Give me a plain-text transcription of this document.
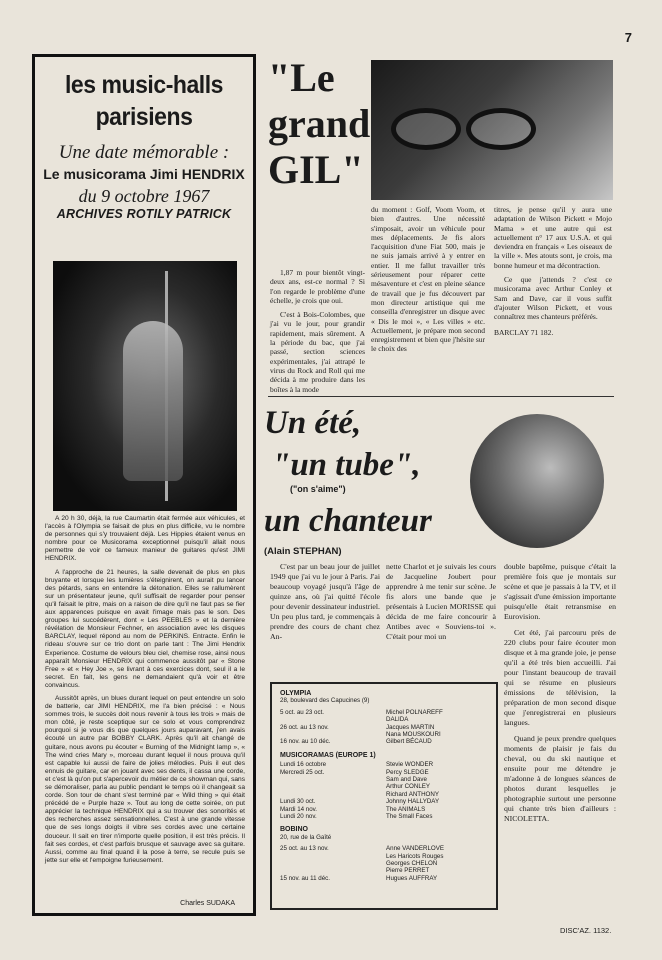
7
les music-halls
parisiens
Une date mémorable :
Le musicorama Jimi HENDRIX
du 9 octobre 1967
ARCHIVES ROTILY PATRICK

A 20 h 30, déjà, la rue Caumartin était fermée aux véhicules, et l'accès à l'Olympia se faisait de plus en plus difficile, vu le nombre de personnes qui s'y trouvaient déjà. Les Hippies étaient venus en nombre pour ce Musicorama exceptionnel puisqu'il allait nous permettre de voir ce fameux manieur de guitares qu'est JIMI HENDRIX.

A l'approche de 21 heures, la salle devenait de plus en plus bruyante et lorsque les lumières s'éteignirent, on aurait pu lancer des pétards, sans en entendre la détonation. Elles se rallumèrent sur un présentateur jeune, qu'il suffisait de regarder pour penser qu'il faisait le pitre, mais on a raison de dire qu'il ne faut pas se fier aux apparences puisque en avait l'image mais pas le son. Des groupes lui succédèrent, dont « Les PEEBLES » et la dernière révélation de Monsieur Fechner, en association avec les disques BARCLAY, lequel répond au nom de PERKINS. Entracte. Enfin le rideau s'ouvre sur ce trio dont on parle tant : The Jimi Hendrix Experience. Costume de velours bleu ciel, chemise rose, ainsi nous apparaît Monsieur HENDRIX qui commence aussitôt par « Stone Free » et « Hey Joe », se livrant à ces exercices dont, seul il a le secret. En fait, les gens ne demandaient qu'à voir et être convaincus.

Aussitôt après, un blues durant lequel on peut entendre un solo de batterie, car JIMI HENDRIX, me l'a bien précisé : « Nous sommes trois, le succès doit nous revenir à tous les trois » mais de mon côté, je reste sceptique sur ce solo et vous comprendrez pourquoi si je vous dis que quelques jours auparavant, j'en avais écouté un autre par BOBBY CLARK. Après qu'il ait changé de guitare, nous avons pu écouter « Burning of the Midnight lamp », « The wind cries Mary », morceau durant lequel il nous prouva qu'il est capable lui aussi de faire de jolies mélodies. Puis il eut des ennuis de guitare, car en jouant avec ses dents, il cassa une corde, et c'est là qu'on put s'apercevoir du métier de ce showman qui, sans se démoraliser, parla au public pendant le temps où il changeait sa corde. Son tour de chant s'est terminé par « Wild thing » qui était précédé de « Purple haze ». Tout au long de cette soirée, on put apprécier la technique HENDRIX qui a su trouver des sonorités et des recherches assez sensationnelles. C'est à une grande vitesse que de ses longs doigts il vibre ses cordes avec une certaine douceur. Il sait en tirer n'importe quelle position, il est très précis. Il fait ses cordes, et c'est parfois brusque et sauvage avec sa guitare. Aussi, comme au final quand il la pose à terre, se recule puis se jette sur elle et l'empoigne furieusement.

Charles SUDAKA
"Le
grand
GIL"

1,87 m pour bientôt vingt-deux ans, est-ce normal ? Si l'on regarde le problème d'une échelle, je crois que oui.

C'est à Bois-Colombes, que j'ai vu le jour, pour grandir rapidement, mais sûrement. A la période du bac, que j'ai passé, section sciences expérimentales, j'ai attrapé le virus du Rock and Roll qui me décida à me produire dans les boîtes à la mode

du moment : Golf, Voom Voom, et bien d'autres. Une nécessité s'imposait, avoir un véhicule pour mes déplacements. Je fis alors l'acquisition d'une Fiat 500, mais je ne suis jamais arrivé à y entrer en entier. Il me fallut travailler très sérieusement pour réparer cette mésaventure et c'est en pleine séance de travail que je fus découvert par mon directeur artistique qui me conseilla d'enregistrer un disque avec « Dis le moi », « Les villes » etc. Actuellement, je prépare mon second enregistrement et bien que j'hésite sur le choix des

titres, je pense qu'il y aura une adaptation de Wilson Pickett « Mojo Mama » et une autre qui est actuellement n° 17 aux U.S.A. et qui deviendra en français « Les oiseaux de la ville ». Mes atouts sont, je crois, ma bonne humeur et ma décontraction.

Ce que j'attends ? c'est ce musicorama avec Arthur Conley et Sam and Dave, car il vous suffit d'ajouter Wilson Pickett, et vous connaîtrez mes chanteurs préférés.

BARCLAY 71 182.

Un été,
"un tube",
("on s'aime")
un chanteur
(Alain STEPHAN)

C'est par un beau jour de juillet 1949 que j'ai vu le jour à Paris. J'ai beaucoup voyagé jusqu'à l'âge de quinze ans, où j'ai quitté l'école pour devenir dessinateur industriel. Un peu plus tard, je commençais à prendre des cours de chant chez An-

nette Charlot et je suivais les cours de Jacqueline Joubert pour apprendre à me tenir sur scène. Je fis alors une bande que je présentais à Lucien MORISSE qui décida de me faire concourir à Antibes avec « Souviens-toi ». C'était pour moi un

double baptême, puisque c'était la première fois que je montais sur scène et que je passais à la TV, et il s'agissait d'une émission importante puisqu'elle était retransmise en Eurovision.

Cet été, j'ai parcouru près de 220 clubs pour faire écouter mon disque et à ma grande joie, je pense qu'il a été très bien accueilli. J'ai pour l'instant beaucoup de travail qui se résume en plusieurs émissions de télévision, la préparation de mon second disque que j'enregistrerai en plusieurs langues.

Quand je peux prendre quelques moments de plaisir je fais du cheval, ou du ski nautique et ensuite pour me détendre je m'adonne à de longues séances de photos durant lesquelles je photographie surtout une personne qui chante très bien d'ailleurs : NICOLETTA.

DISC'AZ. 1132.
OLYMPIA
28, boulevard des Capucines (9)
5 oct. au 23 oct.	Michel POLNAREFF
DALIDA
26 oct. au 13 nov.	Jacques MARTIN
Nana MOUSKOURI
16 nov. au 10 déc.	Gilbert BÉCAUD
MUSICORAMAS (EUROPE 1)
Lundi 16 octobre	Stevie WONDER
Mercredi 25 oct.	Percy SLEDGE
Sam and Dave
Arthur CONLEY
Richard ANTHONY
Lundi 30 oct.	Johnny HALLYDAY
Mardi 14 nov.	The ANIMALS
Lundi 20 nov.	The Small Faces
BOBINO
20, rue de la Gaîté
25 oct. au 13 nov.	Anne VANDERLOVE
Les Haricots Rouges
Georges CHELON
Pierre PERRET
15 nov. au 11 déc.	Hugues AUFFRAY
